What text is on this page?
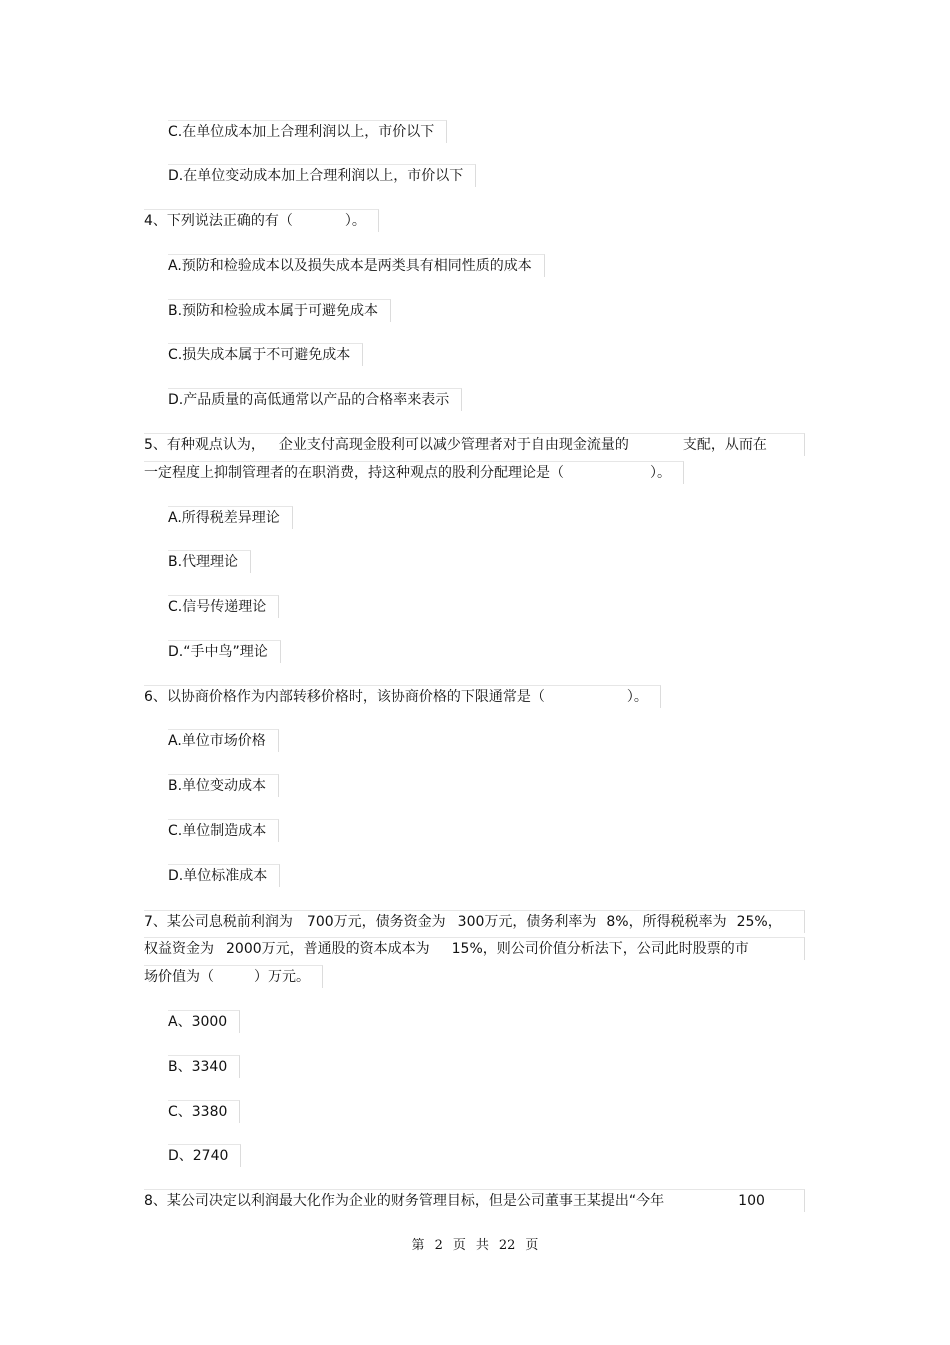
C.在单位成本加上合理利润以上，市价以下
D.在单位变动成本加上合理利润以上，市价以下
4、下列说法正确的有（	）。
A.预防和检验成本以及损失成本是两类具有相同性质的成本
B.预防和检验成本属于可避免成本
C.损失成本属于不可避免成本
D.产品质量的高低通常以产品的合格率来表示
5、有种观点认为， 企业支付高现金股利可以减少管理者对于自由现金流量的	支配，从而在
一定程度上抑制管理者的在职消费，持这种观点的股利分配理论是（	）。
A.所得税差异理论
B.代理理论
C.信号传递理论
D.“手中鸟”理论
6、以协商价格作为内部转移价格时，该协商价格的下限通常是（	）。
A.单位市场价格
B.单位变动成本
C.单位制造成本
D.单位标准成本
7、某公司息税前利润为 700万元，债务资金为 300万元，债务利率为 8%，所得税税率为 25%，
权益资金为 2000万元，普通股的资本成本为 15%，则公司价值分析法下，公司此时股票的市
场价值为（	）万元。
A、3000
B、3340
C、3380
D、2740
8、某公司决定以利润最大化作为企业的财务管理目标，但是公司董事王某提出“今年	100
第 2 页 共 22 页
